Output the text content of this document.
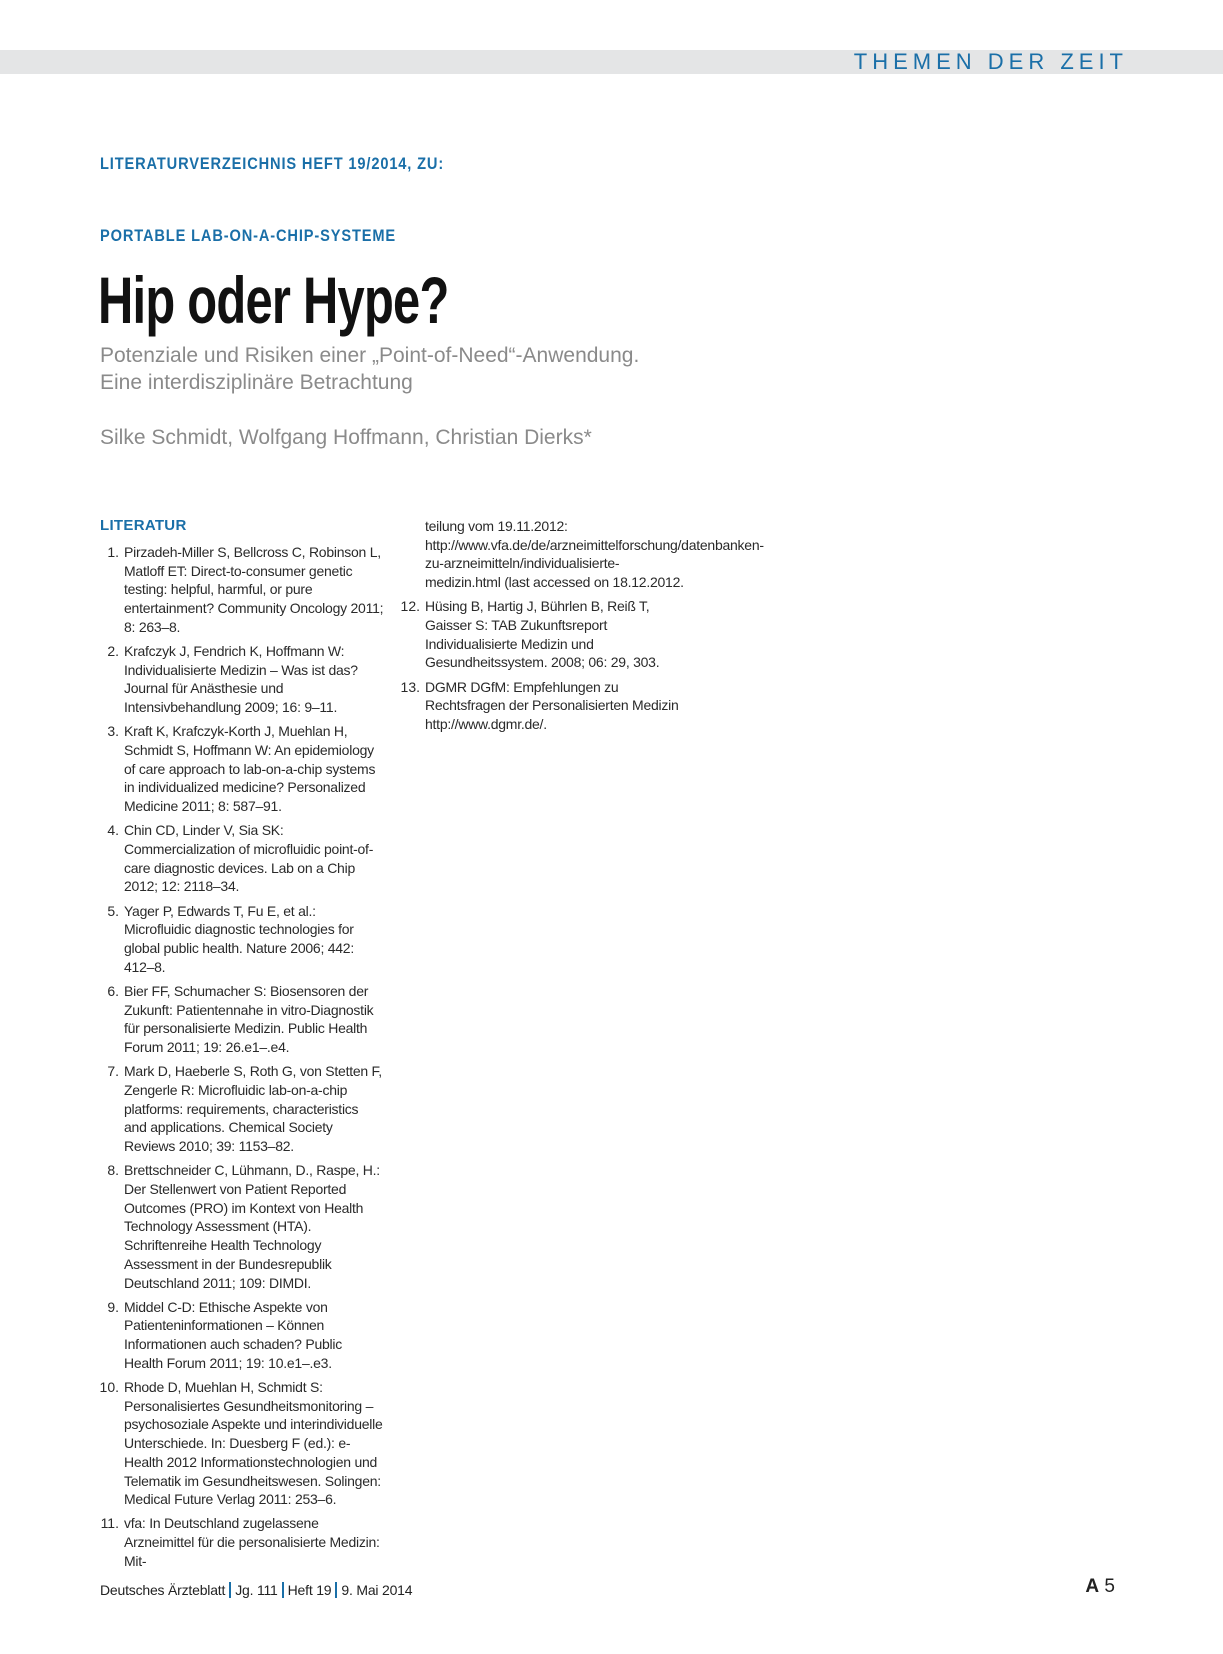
THEMEN DER ZEIT
LITERATURVERZEICHNIS HEFT 19/2014, ZU:
PORTABLE LAB-ON-A-CHIP-SYSTEME
Hip oder Hype?
Potenziale und Risiken einer „Point-of-Need“-Anwendung.
Eine interdisziplinäre Betrachtung
Silke Schmidt, Wolfgang Hoffmann, Christian Dierks*
LITERATUR
1. Pirzadeh-Miller S, Bellcross C, Robinson L, Matloff ET: Direct-to-consumer genetic testing: helpful, harmful, or pure entertainment? Community Oncology 2011; 8: 263–8.
2. Krafczyk J, Fendrich K, Hoffmann W: Individualisierte Medizin – Was ist das? Journal für Anästhesie und Intensivbehandlung 2009; 16: 9–11.
3. Kraft K, Krafczyk-Korth J, Muehlan H, Schmidt S, Hoffmann W: An epidemiology of care approach to lab-on-a-chip systems in individualized medicine? Personalized Medicine 2011; 8: 587–91.
4. Chin CD, Linder V, Sia SK: Commercialization of microfluidic point-of-care diagnostic devices. Lab on a Chip 2012; 12: 2118–34.
5. Yager P, Edwards T, Fu E, et al.: Microfluidic diagnostic technologies for global public health. Nature 2006; 442: 412–8.
6. Bier FF, Schumacher S: Biosensoren der Zukunft: Patientennahe in vitro-Diagnostik für personalisierte Medizin. Public Health Forum 2011; 19: 26.e1–.e4.
7. Mark D, Haeberle S, Roth G, von Stetten F, Zengerle R: Microfluidic lab-on-a-chip platforms: requirements, characteristics and applications. Chemical Society Reviews 2010; 39: 1153–82.
8. Brettschneider C, Lühmann, D., Raspe, H.: Der Stellenwert von Patient Reported Outcomes (PRO) im Kontext von Health Technology Assessment (HTA). Schriftenreihe Health Technology Assessment in der Bundesrepublik Deutschland 2011; 109: DIMDI.
9. Middel C-D: Ethische Aspekte von Patienteninformationen – Können Informationen auch schaden? Public Health Forum 2011; 19: 10.e1–.e3.
10. Rhode D, Muehlan H, Schmidt S: Personalisiertes Gesundheitsmonitoring – psychosoziale Aspekte und interindividuelle Unterschiede. In: Duesberg F (ed.): e-Health 2012 Informationstechnologien und Telematik im Gesundheitswesen. Solingen: Medical Future Verlag 2011: 253–6.
11. vfa: In Deutschland zugelassene Arzneimittel für die personalisierte Medizin: Mit-
teilung vom 19.11.2012: http://www.vfa.de/de/arzneimittelforschung/datenbanken-zu-arzneimitteln/individualisierte-medizin.html (last accessed on 18.12.2012.
12. Hüsing B, Hartig J, Bührlen B, Reiß T, Gaisser S: TAB Zukunftsreport Individualisierte Medizin und Gesundheitssystem. 2008; 06: 29, 303.
13. DGMR DGfM: Empfehlungen zu Rechtsfragen der Personalisierten Medizin http://www.dgmr.de/.
Deutsches Ärzteblatt Jg. 111 Heft 19 9. Mai 2014	A 5
